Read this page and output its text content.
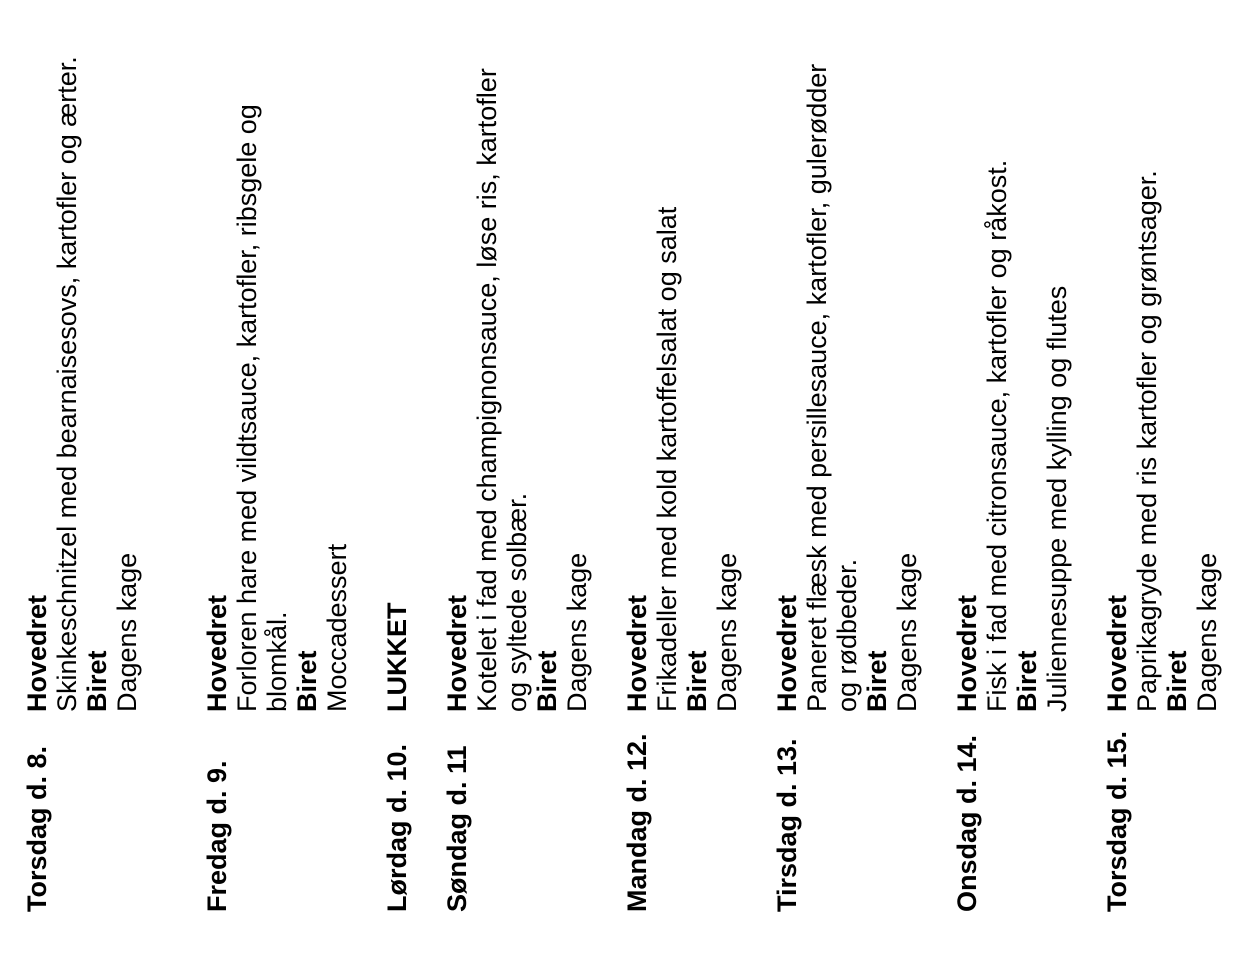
Torsdag d. 8.
Hovedret Skinkeschnitzel med bearnaisesovs, kartofler og ærter. Biret Dagens kage
Fredag d. 9.
Hovedret Forloren hare med vildtsauce, kartofler, ribsgele og blomkål. Biret Moccadessert
Lørdag d. 10.
LUKKET
Søndag d. 11
Hovedret Kotelet i fad med champignonsauce, løse ris, kartofler og syltede solbær. Biret Dagens kage
Mandag d. 12.
Hovedret Frikadeller med kold kartoffelsalat og salat Biret Dagens kage
Tirsdag d. 13.
Hovedret Paneret flæsk med persillesauce, kartofler, gulerødder og rødbeder. Biret Dagens kage
Onsdag d. 14.
Hovedret Fisk i fad med citronsauce, kartofler og råkost. Biret Juliennesuppe med kylling og flutes
Torsdag d. 15.
Hovedret Paprikagryde med ris kartofler og grøntsager. Biret Dagens kage
